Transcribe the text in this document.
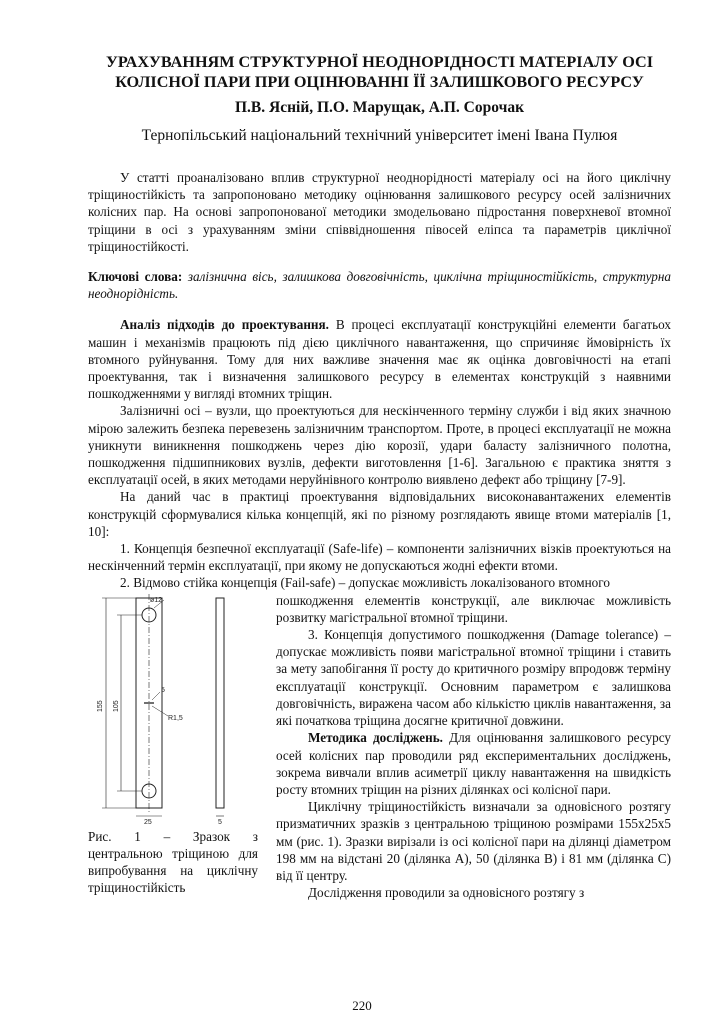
УРАХУВАННЯМ СТРУКТУРНОЇ НЕОДНОРІДНОСТІ МАТЕРІАЛУ ОСІ КОЛІСНОЇ ПАРИ ПРИ ОЦІНЮВАННІ ЇЇ ЗАЛИШКОВОГО РЕСУРСУ
П.В. Ясній, П.О. Марущак, А.П. Сорочак
Тернопільський національний технічний університет імені Івана Пулюя

У статті проаналізовано вплив структурної неоднорідності матеріалу осі на його циклічну тріщиностійкість та запропоновано методику оцінювання залишкового ресурсу осей залізничних колісних пар. На основі запропонованої методики змодельовано підростання поверхневої втомної тріщини в осі з урахуванням зміни співвідношення півосей еліпса та параметрів циклічної тріщиностійкості.

Ключові слова: залізнична вісь, залишкова довговічність, циклічна тріщиностійкість, структурна неоднорідність.

Аналіз підходів до проектування. В процесі експлуатації конструкційні елементи багатьох машин і механізмів працюють під дією циклічного навантаження, що спричиняє ймовірність їх втомного руйнування. Тому для них важливе значення має як оцінка довговічності на етапі проектування, так і визначення залишкового ресурсу в елементах конструкцій з наявними пошкодженнями у вигляді втомних тріщин.

Залізничні осі – вузли, що проектуються для нескінченного терміну служби і від яких значною мірою залежить безпека перевезень залізничним транспортом. Проте, в процесі експлуатації не можна уникнути виникнення пошкоджень через дію корозії, удари баласту залізничного полотна, пошкодження підшипникових вузлів, дефекти виготовлення [1-6]. Загальною є практика зняття з експлуатації осей, в яких методами неруйнівного контролю виявлено дефект або тріщину [7-9].

На даний час в практиці проектування відповідальних високонавантажених елементів конструкцій сформувалися кілька концепцій, які по різному розглядають явище втоми матеріалів [1, 10]:

1. Концепція безпечної експлуатації (Safe-life) – компоненти залізничних візків проектуються на нескінченний термін експлуатації, при якому не допускаються жодні ефекти втоми.

2. Відмово стійка концепція (Fail-safe) – допускає можливість локалізованого втомного

ø12
155 105
5
R1,5
25	5
Рис. 1 – Зразок з центральною тріщиною для випробування на циклічну тріщиностійкість

пошкодження елементів конструкції, але виключає можливість розвитку магістральної втомної тріщини.

3. Концепція допустимого пошкодження (Damage tolerance) – допускає можливість появи магістральної втомної тріщини і ставить за мету запобігання її росту до критичного розміру впродовж терміну експлуатації конструкції. Основним параметром є залишкова довговічність, виражена часом або кількістю циклів навантаження, за які початкова тріщина досягне критичної довжини.

Методика досліджень. Для оцінювання залишкового ресурсу осей колісних пар проводили ряд експериментальних досліджень, зокрема вивчали вплив асиметрії циклу навантаження на швидкість росту втомних тріщин на різних ділянках осі колісної пари.

Циклічну тріщиностійкість визначали за одновісного розтягу призматичних зразків з центральною тріщиною розмірами 155х25х5 мм (рис. 1). Зразки вирізали із осі колісної пари на ділянці діаметром 198 мм на відстані 20 (ділянка А), 50 (ділянка В) і 81 мм (ділянка С) від її центру.

Дослідження проводили за одновісного розтягу з

220
